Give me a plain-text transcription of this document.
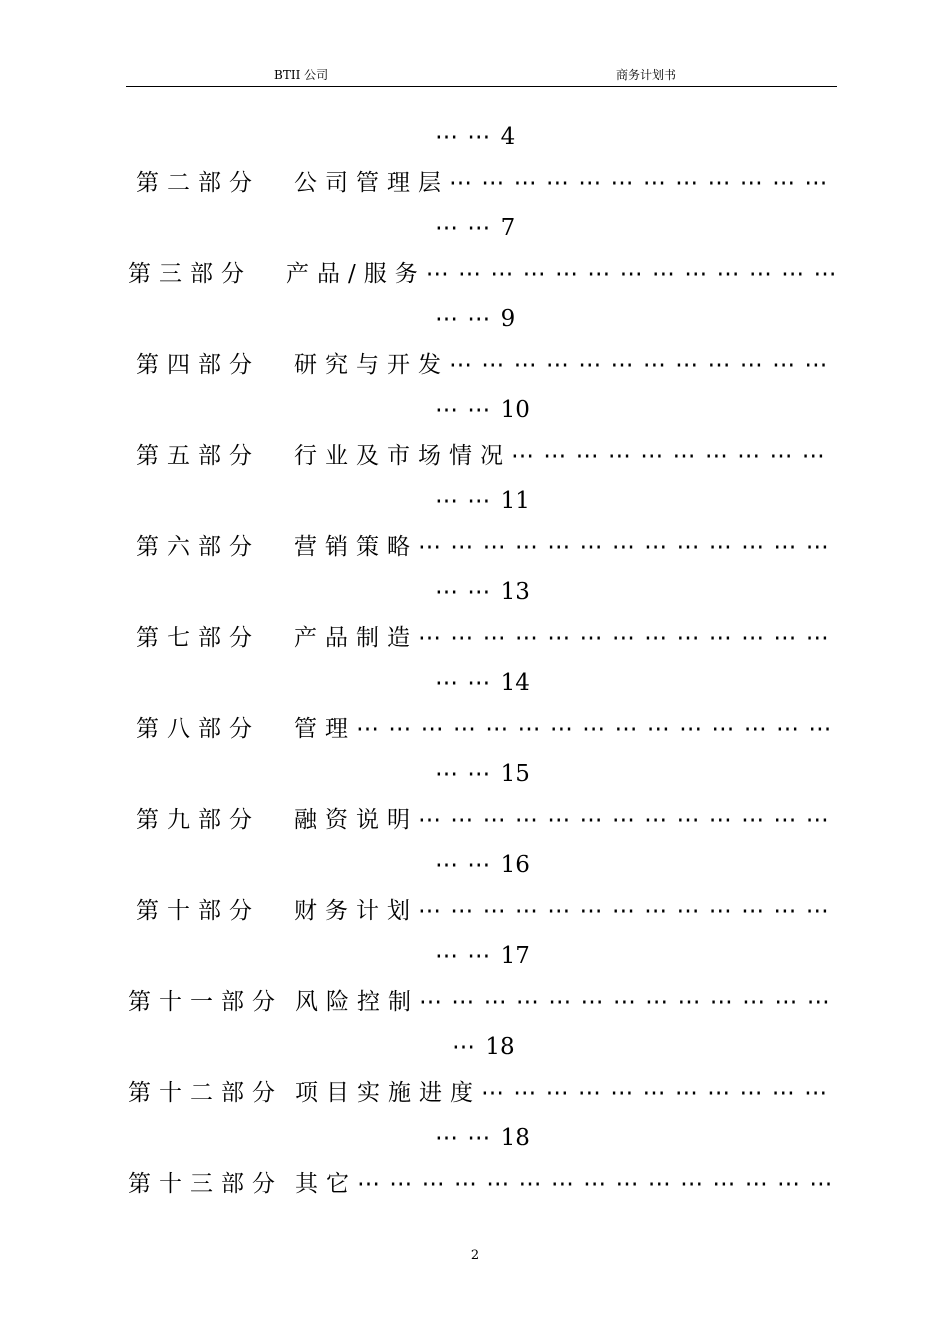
BTII 公司	商务计划书
⋯ ⋯ 4
第二部分 公司管理层⋯ ⋯ ⋯ ⋯ ⋯ ⋯ ⋯ ⋯ ⋯ ⋯ ⋯ ⋯
⋯ ⋯ 7
第三部分 产品/服务⋯ ⋯ ⋯ ⋯ ⋯ ⋯ ⋯ ⋯ ⋯ ⋯ ⋯ ⋯ ⋯
⋯ ⋯ 9
第四部分 研究与开发⋯ ⋯ ⋯ ⋯ ⋯ ⋯ ⋯ ⋯ ⋯ ⋯ ⋯ ⋯
⋯ ⋯ 10
第五部分 行业及市场情况⋯ ⋯ ⋯ ⋯ ⋯ ⋯ ⋯ ⋯ ⋯ ⋯
⋯ ⋯ 11
第六部分 营销策略⋯ ⋯ ⋯ ⋯ ⋯ ⋯ ⋯ ⋯ ⋯ ⋯ ⋯ ⋯ ⋯
⋯ ⋯ 13
第七部分 产品制造⋯ ⋯ ⋯ ⋯ ⋯ ⋯ ⋯ ⋯ ⋯ ⋯ ⋯ ⋯ ⋯
⋯ ⋯ 14
第八部分 管理⋯ ⋯ ⋯ ⋯ ⋯ ⋯ ⋯ ⋯ ⋯ ⋯ ⋯ ⋯ ⋯ ⋯ ⋯
⋯ ⋯ 15
第九部分 融资说明⋯ ⋯ ⋯ ⋯ ⋯ ⋯ ⋯ ⋯ ⋯ ⋯ ⋯ ⋯ ⋯
⋯ ⋯ 16
第十部分 财务计划⋯ ⋯ ⋯ ⋯ ⋯ ⋯ ⋯ ⋯ ⋯ ⋯ ⋯ ⋯ ⋯
⋯ ⋯ 17
第十一部分 风险控制⋯ ⋯ ⋯ ⋯ ⋯ ⋯ ⋯ ⋯ ⋯ ⋯ ⋯ ⋯ ⋯
⋯ 18
第十二部分 项目实施进度⋯ ⋯ ⋯ ⋯ ⋯ ⋯ ⋯ ⋯ ⋯ ⋯ ⋯
⋯ ⋯ 18
第十三部分 其它⋯ ⋯ ⋯ ⋯ ⋯ ⋯ ⋯ ⋯ ⋯ ⋯ ⋯ ⋯ ⋯ ⋯ ⋯
2
